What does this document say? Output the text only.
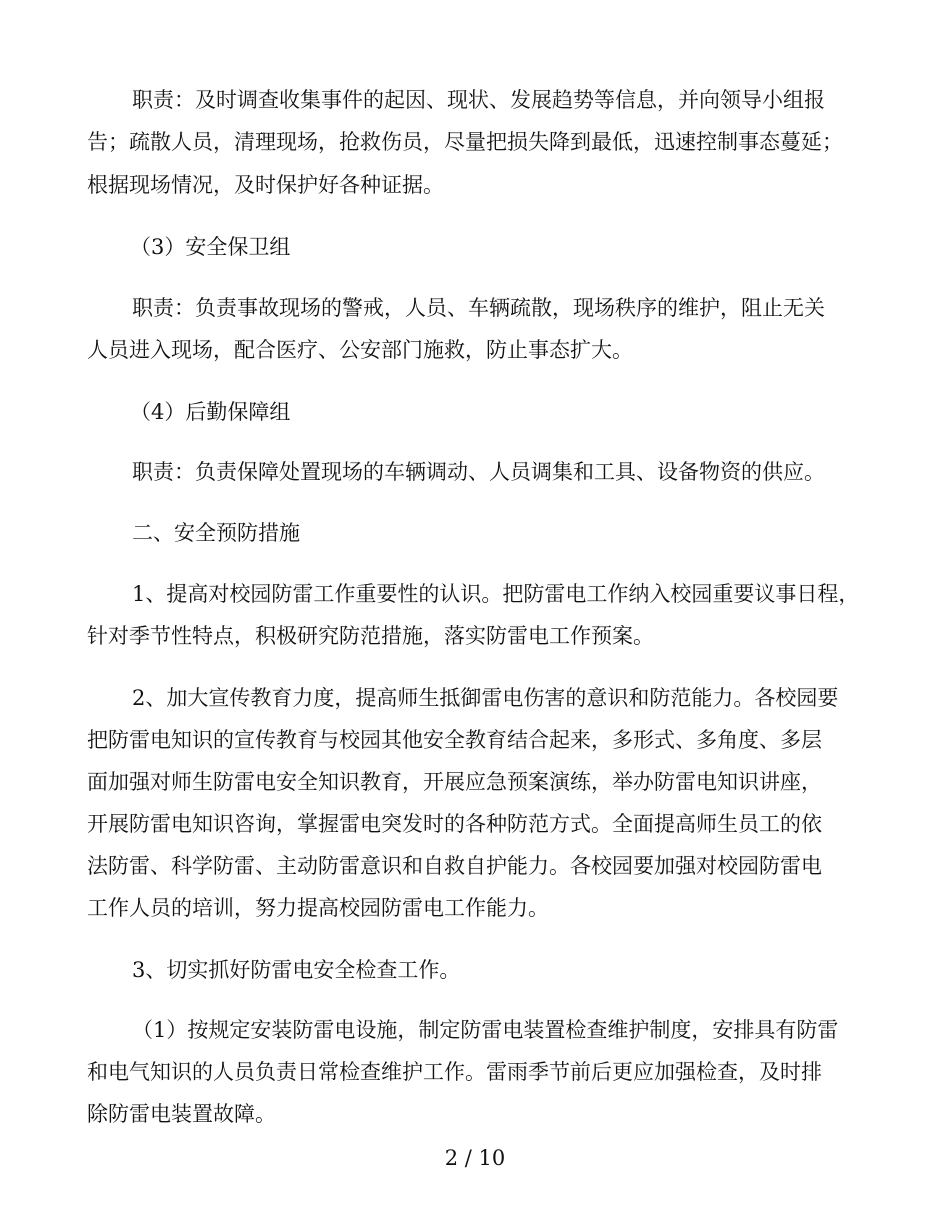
职责：及时调查收集事件的起因、现状、发展趋势等信息，并向领导小组报
告；疏散人员，清理现场，抢救伤员，尽量把损失降到最低，迅速控制事态蔓延；
根据现场情况，及时保护好各种证据。
（3）安全保卫组
职责：负责事故现场的警戒，人员、车辆疏散，现场秩序的维护，阻止无关
人员进入现场，配合医疗、公安部门施救，防止事态扩大。
（4）后勤保障组
职责：负责保障处置现场的车辆调动、人员调集和工具、设备物资的供应。
二、安全预防措施
1、提高对校园防雷工作重要性的认识。把防雷电工作纳入校园重要议事日程，
针对季节性特点，积极研究防范措施，落实防雷电工作预案。
2、加大宣传教育力度，提高师生抵御雷电伤害的意识和防范能力。各校园要
把防雷电知识的宣传教育与校园其他安全教育结合起来，多形式、多角度、多层
面加强对师生防雷电安全知识教育，开展应急预案演练，举办防雷电知识讲座，
开展防雷电知识咨询，掌握雷电突发时的各种防范方式。全面提高师生员工的依
法防雷、科学防雷、主动防雷意识和自救自护能力。各校园要加强对校园防雷电
工作人员的培训，努力提高校园防雷电工作能力。
3、切实抓好防雷电安全检查工作。
（1）按规定安装防雷电设施，制定防雷电装置检查维护制度，安排具有防雷
和电气知识的人员负责日常检查维护工作。雷雨季节前后更应加强检查，及时排
除防雷电装置故障。
2 / 10
